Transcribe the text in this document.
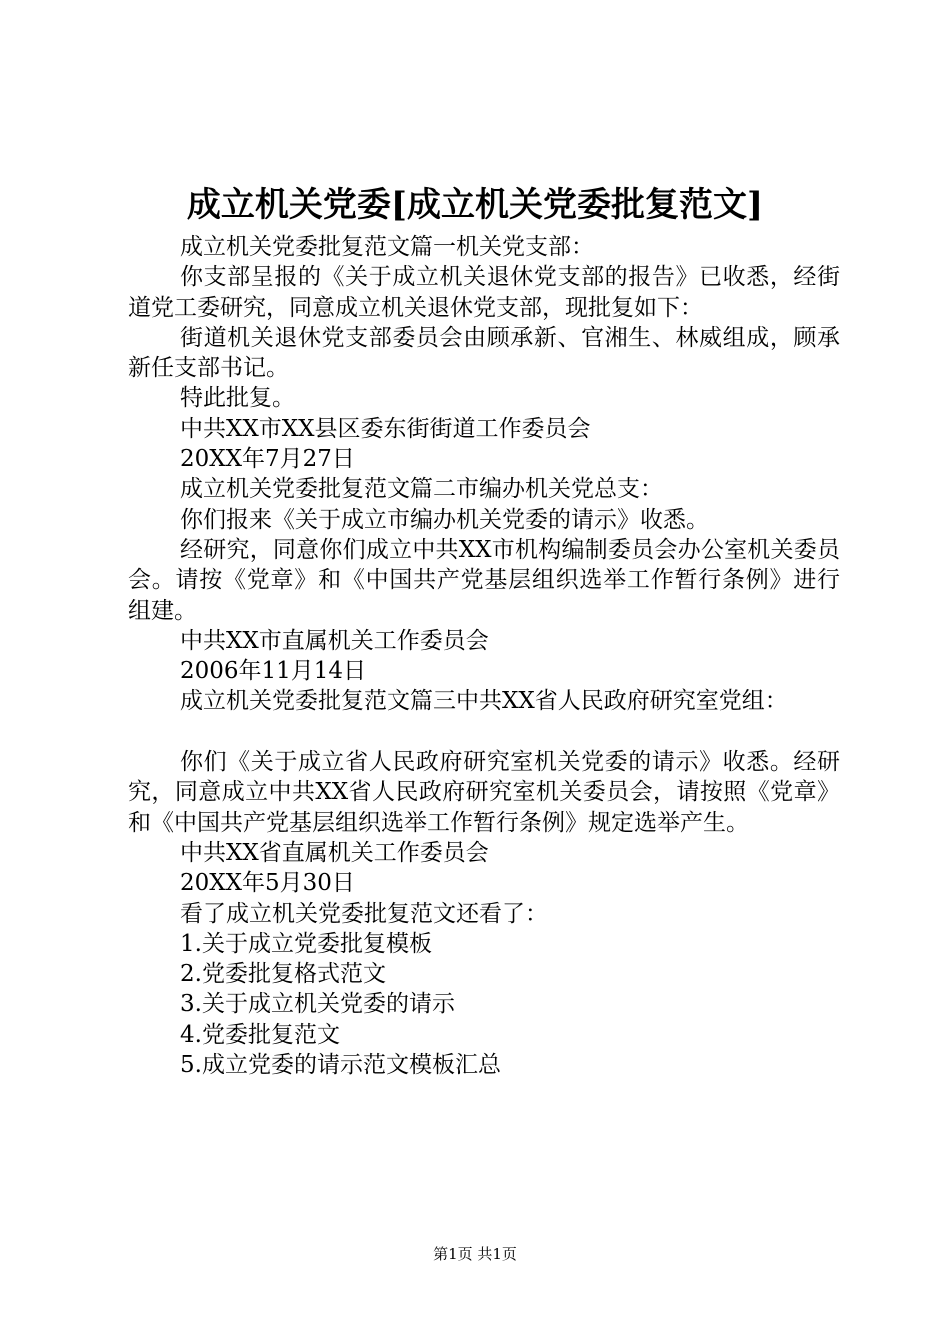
成立机关党委[成立机关党委批复范文]

成立机关党委批复范文篇一机关党支部：

你支部呈报的《关于成立机关退休党支部的报告》已收悉，经街道党工委研究，同意成立机关退休党支部，现批复如下：

街道机关退休党支部委员会由顾承新、官湘生、林威组成，顾承新任支部书记。

特此批复。

中共XX市XX县区委东街街道工作委员会

20XX年7月27日

成立机关党委批复范文篇二市编办机关党总支：

你们报来《关于成立市编办机关党委的请示》收悉。

经研究，同意你们成立中共XX市机构编制委员会办公室机关委员会。请按《党章》和《中国共产党基层组织选举工作暂行条例》进行组建。

中共XX市直属机关工作委员会

2006年11月14日

成立机关党委批复范文篇三中共XX省人民政府研究室党组：

你们《关于成立省人民政府研究室机关党委的请示》收悉。经研究，同意成立中共XX省人民政府研究室机关委员会，请按照《党章》和《中国共产党基层组织选举工作暂行条例》规定选举产生。

中共XX省直属机关工作委员会

20XX年5月30日

看了成立机关党委批复范文还看了：

1.关于成立党委批复模板

2.党委批复格式范文

3.关于成立机关党委的请示

4.党委批复范文

5.成立党委的请示范文模板汇总

第1页 共1页
